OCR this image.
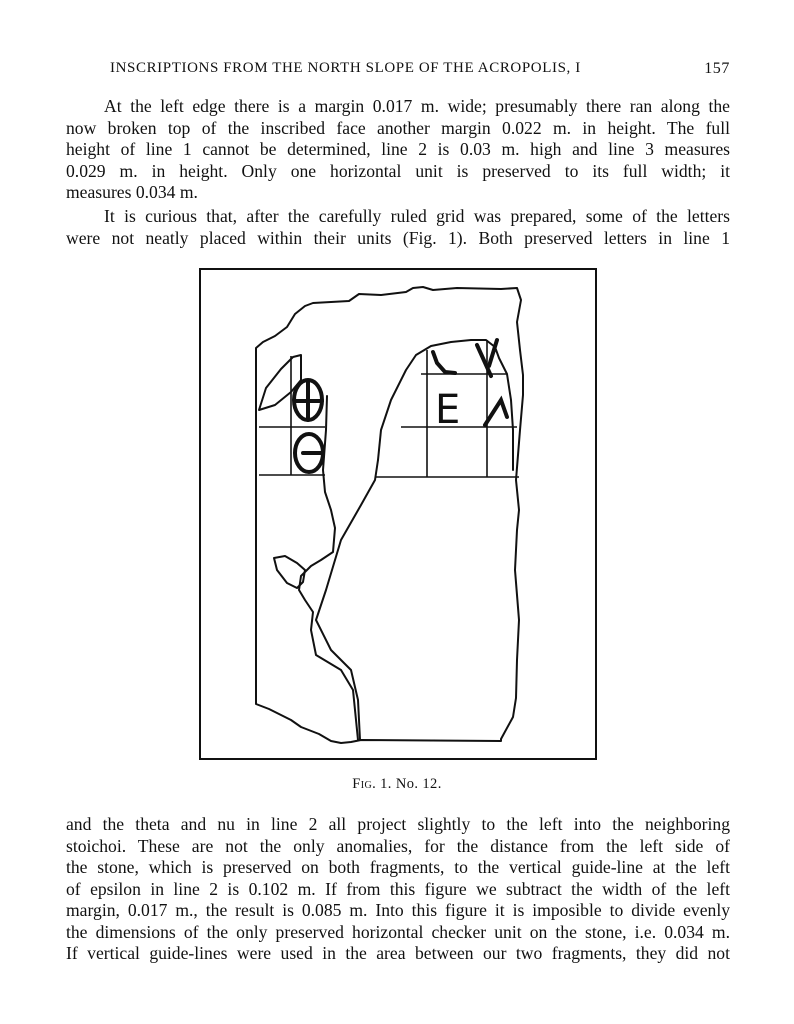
INSCRIPTIONS FROM THE NORTH SLOPE OF THE ACROPOLIS, I	157
At the left edge there is a margin 0.017 m. wide; presumably there ran along the
now broken top of the inscribed face another margin 0.022 m. in height. The full
height of line 1 cannot be determined, line 2 is 0.03 m. high and line 3 measures
0.029 m. in height. Only one horizontal unit is preserved to its full width; it
measures 0.034 m.
It is curious that, after the carefully ruled grid was prepared, some of the letters
were not neatly placed within their units (Fig. 1). Both preserved letters in line 1
Ε
Fig. 1. No. 12.
and the theta and nu in line 2 all project slightly to the left into the neighboring
stoichoi. These are not the only anomalies, for the distance from the left side of
the stone, which is preserved on both fragments, to the vertical guide-line at the left
of epsilon in line 2 is 0.102 m. If from this figure we subtract the width of the left
margin, 0.017 m., the result is 0.085 m. Into this figure it is imposible to divide evenly
the dimensions of the only preserved horizontal checker unit on the stone, i.e. 0.034 m.
If vertical guide-lines were used in the area between our two fragments, they did not
